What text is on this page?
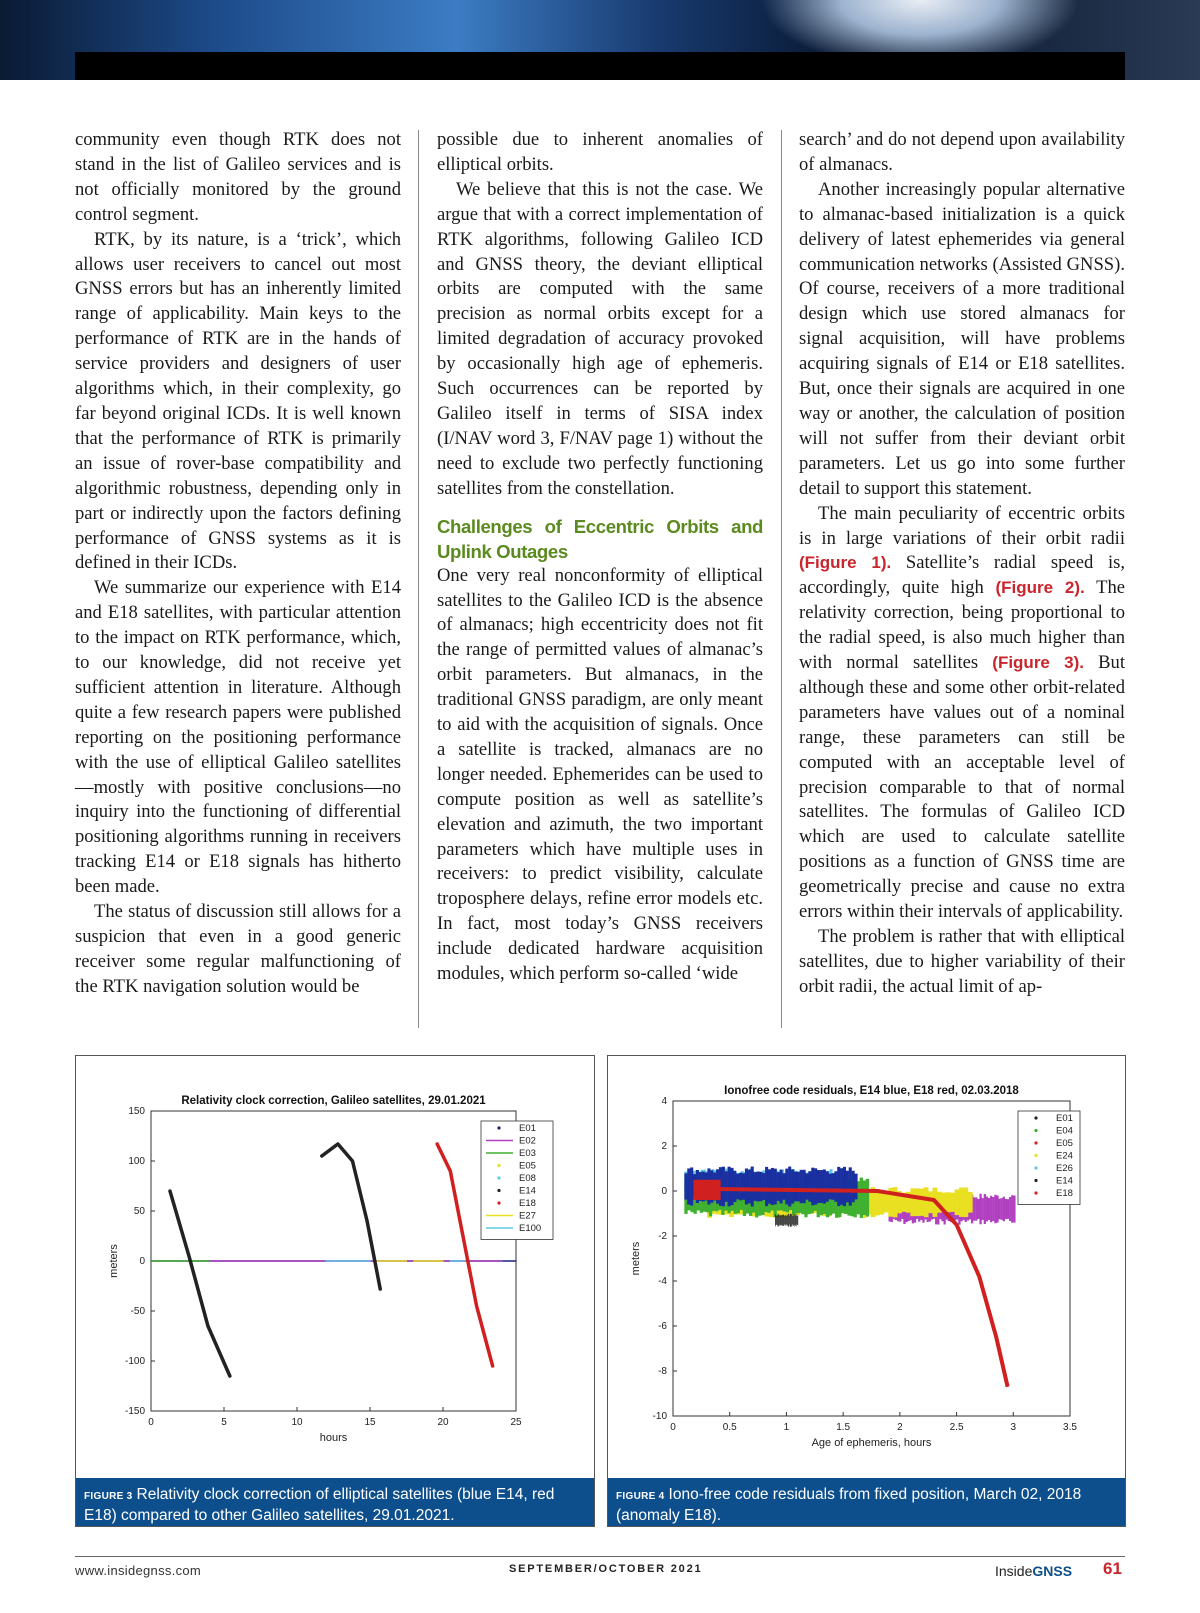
community even though RTK does not stand in the list of Galileo services and is not officially monitored by the ground control segment.

RTK, by its nature, is a ‘trick’, which allows user receivers to cancel out most GNSS errors but has an inherently limited range of applicability. Main keys to the performance of RTK are in the hands of service providers and designers of user algorithms which, in their complexity, go far beyond original ICDs. It is well known that the performance of RTK is primarily an issue of rover-base compatibility and algorithmic robustness, depending only in part or indirectly upon the factors defining performance of GNSS systems as it is defined in their ICDs.

We summarize our experience with E14 and E18 satellites, with particular attention to the impact on RTK performance, which, to our knowledge, did not receive yet sufficient attention in literature. Although quite a few research papers were published reporting on the positioning performance with the use of elliptical Galileo satellites—mostly with positive conclusions—no inquiry into the functioning of differential positioning algorithms running in receivers tracking E14 or E18 signals has hitherto been made.

The status of discussion still allows for a suspicion that even in a good generic receiver some regular malfunctioning of the RTK navigation solution would be

possible due to inherent anomalies of elliptical orbits.

We believe that this is not the case. We argue that with a correct implementation of RTK algorithms, following Galileo ICD and GNSS theory, the deviant elliptical orbits are computed with the same precision as normal orbits except for a limited degradation of accuracy provoked by occasionally high age of ephemeris. Such occurrences can be reported by Galileo itself in terms of SISA index (I/NAV word 3, F/NAV page 1) without the need to exclude two perfectly functioning satellites from the constellation.

Challenges of Eccentric Orbits and Uplink Outages

One very real nonconformity of elliptical satellites to the Galileo ICD is the absence of almanacs; high eccentricity does not fit the range of permitted values of almanac’s orbit parameters. But almanacs, in the traditional GNSS paradigm, are only meant to aid with the acquisition of signals. Once a satellite is tracked, almanacs are no longer needed. Ephemerides can be used to compute position as well as satellite’s elevation and azimuth, the two important parameters which have multiple uses in receivers: to predict visibility, calculate troposphere delays, refine error models etc. In fact, most today’s GNSS receivers include dedicated hardware acquisition modules, which perform so-called ‘wide

search’ and do not depend upon availability of almanacs.

Another increasingly popular alternative to almanac-based initialization is a quick delivery of latest ephemerides via general communication networks (Assisted GNSS). Of course, receivers of a more traditional design which use stored almanacs for signal acquisition, will have problems acquiring signals of E14 or E18 satellites. But, once their signals are acquired in one way or another, the calculation of position will not suffer from their deviant orbit parameters. Let us go into some further detail to support this statement.

The main peculiarity of eccentric orbits is in large variations of their orbit radii (Figure 1). Satellite’s radial speed is, accordingly, quite high (Figure 2). The relativity correction, being proportional to the radial speed, is also much higher than with normal satellites (Figure 3). But although these and some other orbit-related parameters have values out of a nominal range, these parameters can still be computed with an acceptable level of precision comparable to that of normal satellites. The formulas of Galileo ICD which are used to calculate satellite positions as a function of GNSS time are geometrically precise and cause no extra errors within their intervals of applicability.

The problem is rather that with elliptical satellites, due to higher variability of their orbit radii, the actual limit of ap-

0	5	10	15	20	25
150
100
50
0
-50
-100
-150
Relativity clock correction, Galileo satellites, 29.01.2021
hours
meters
E01
E02
E03
E05
E08
E14
E18
E27
E100
FIGURE 3 Relativity clock correction of elliptical satellites (blue E14, red E18) compared to other Galileo satellites, 29.01.2021.
0	0.5	1	1.5	2	2.5	3	3.5
4
2
0
-2
-4
-6
-8
-10
Ionofree code residuals, E14 blue, E18 red, 02.03.2018
Age of ephemeris, hours
meters
E01
E04
E05
E24
E26
E14
E18
FIGURE 4 Iono-free code residuals from fixed position, March 02, 2018 (anomaly E18).
www.insidegnss.com	SEPTEMBER/OCTOBER 2021	InsideGNSS 61
